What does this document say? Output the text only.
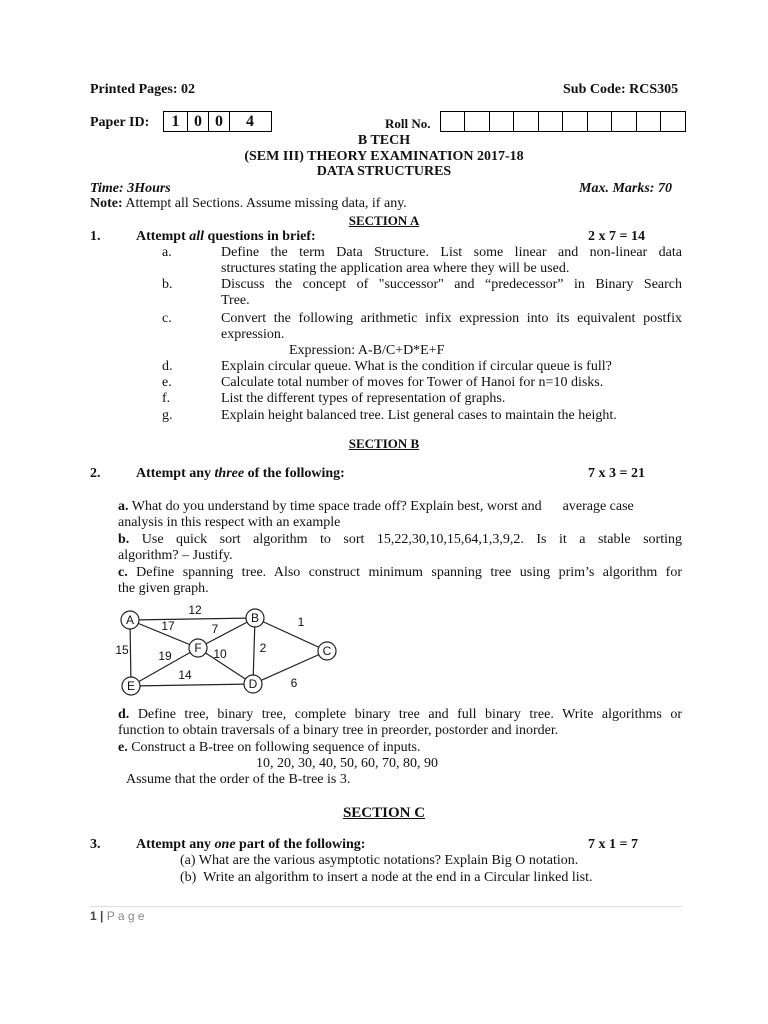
Printed Pages: 02	Sub Code: RCS305
Paper ID:	1 0 0	4	Roll No.
B TECH
(SEM III) THEORY EXAMINATION 2017-18
DATA STRUCTURES
Time: 3Hours	Max. Marks: 70
Note: Attempt all Sections. Assume missing data, if any.
SECTION A
1.	Attempt all questions in brief:	2 x 7 = 14
a.	Define the term Data Structure. List some linear and non-linear data
structures stating the application area where they will be used.
b.	Discuss the concept of "successor" and “predecessor” in Binary Search
Tree.
c.	Convert the following arithmetic infix expression into its equivalent postfix
expression.
Expression: A-B/C+D*E+F
d.	Explain circular queue. What is the condition if circular queue is full?
e.	Calculate total number of moves for Tower of Hanoi for n=10 disks.
f.	List the different types of representation of graphs.
g.	Explain height balanced tree. List general cases to maintain the height.
SECTION B
2.	Attempt any three of the following:	7 x 3 = 21
a. What do you understand by time space trade off? Explain best, worst and      average case
analysis in this respect with an example
b. Use quick sort algorithm to sort 15,22,30,10,15,64,1,3,9,2. Is it a stable sorting
algorithm? – Justify.
c. Define spanning tree. Also construct minimum spanning tree using prim’s algorithm for
the given graph.
A	B
C
D
E
F
12
17	7	1
15 19	10	2
14
6
d. Define tree, binary tree, complete binary tree and full binary tree. Write algorithms or
function to obtain traversals of a binary tree in preorder, postorder and inorder.
e. Construct a B-tree on following sequence of inputs.
10, 20, 30, 40, 50, 60, 70, 80, 90
Assume that the order of the B-tree is 3.
SECTION C
3.	Attempt any one part of the following:	7 x 1 = 7
(a) What are the various asymptotic notations? Explain Big O notation.
(b)  Write an algorithm to insert a node at the end in a Circular linked list.
1 | P a g e
